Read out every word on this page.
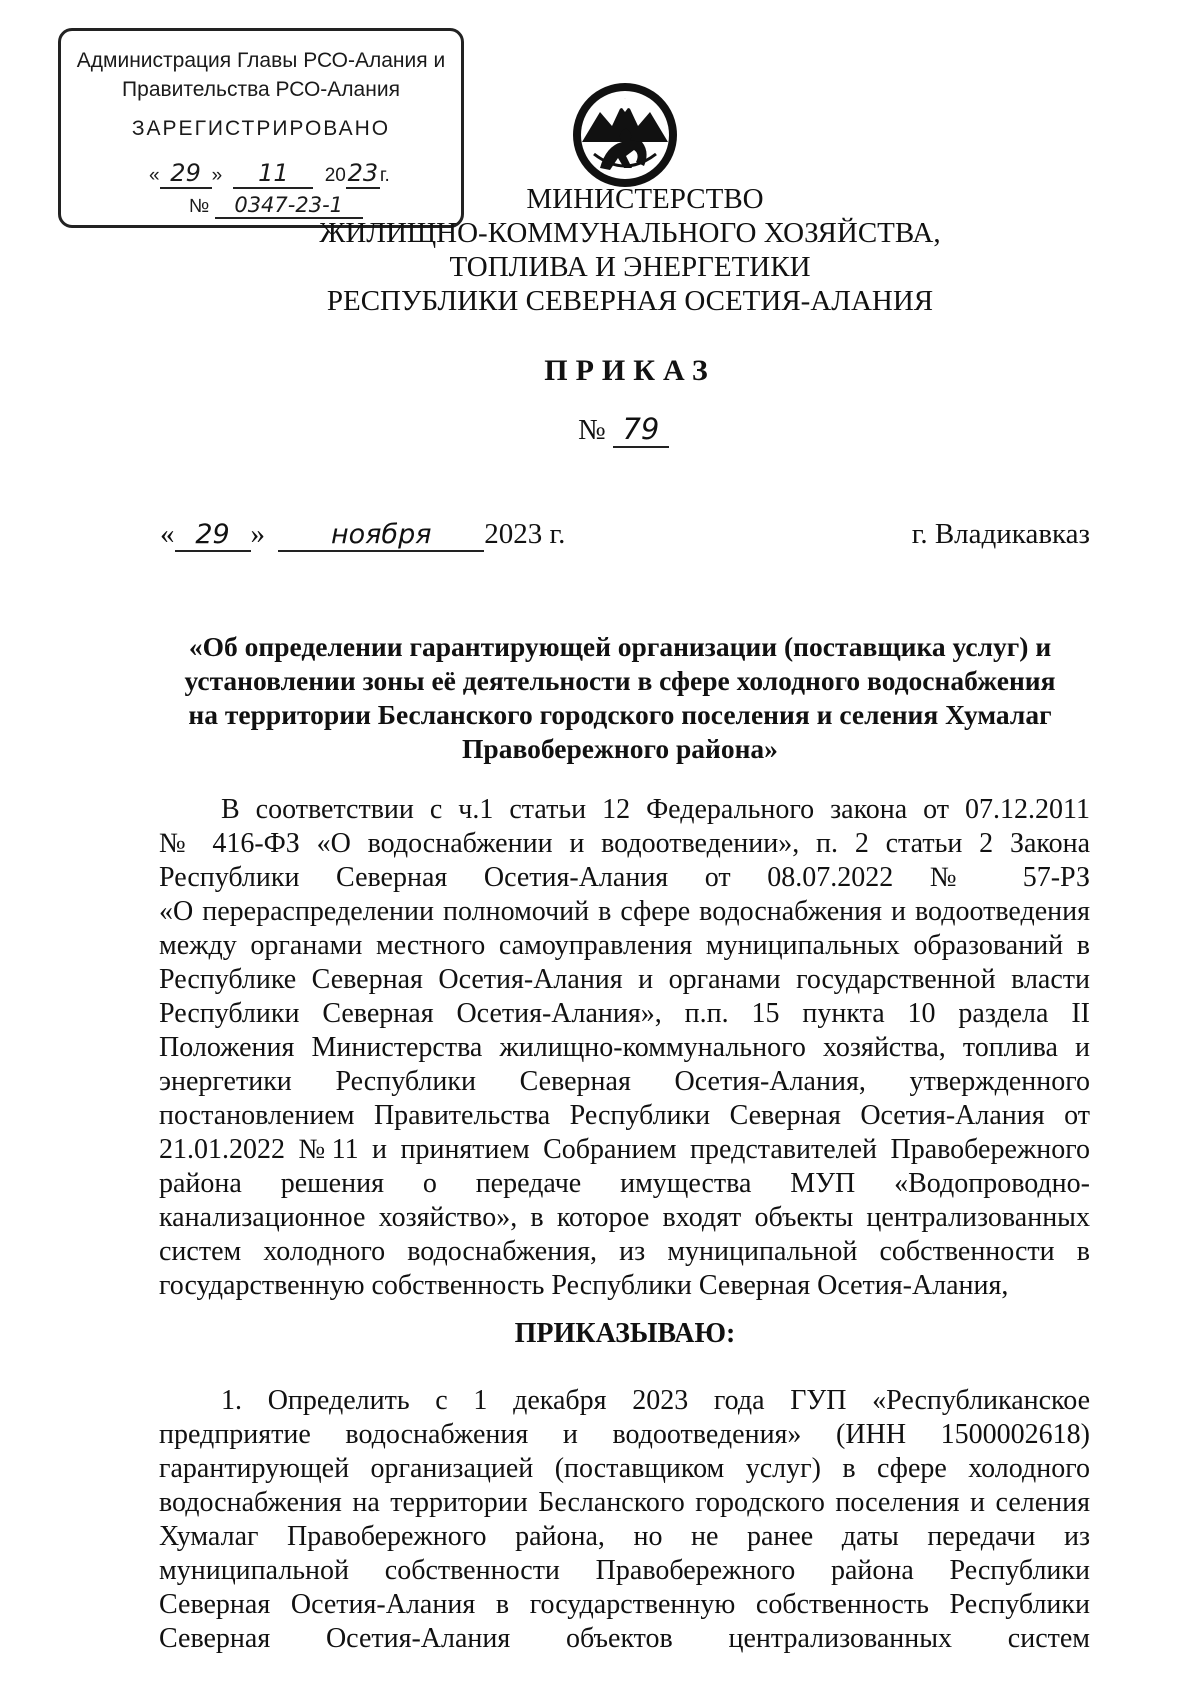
Администрация Главы РСО-Алания и
Правительства РСО-Алания
ЗАРЕГИСТРИРОВАНО
« 29 » 11 2023г.
№ 0347-23-1	МИНИСТЕРСТВО
ЖИЛИЩНО-КОММУНАЛЬНОГО ХОЗЯЙСТВА,
ТОПЛИВА И ЭНЕРГЕТИКИ
РЕСПУБЛИКИ СЕВЕРНАЯ ОСЕТИЯ-АЛАНИЯ
ПРИКАЗ
№ 79
« 29 » ноября 2023 г.	г. Владикавказ
«Об определении гарантирующей организации (поставщика услуг) и
установлении зоны её деятельности в сфере холодного водоснабжения
на территории Бесланского городского поселения и селения Хумалаг
Правобережного района»
В соответствии с ч.1 статьи 12 Федерального закона от 07.12.2011
№ 416-ФЗ «О водоснабжении и водоотведении», п. 2 статьи 2 Закона
Республики Северная Осетия-Алания от 08.07.2022 № 57-РЗ
«О перераспределении полномочий в сфере водоснабжения и водоотведения
между органами местного самоуправления муниципальных образований в
Республике Северная Осетия-Алания и органами государственной власти
Республики Северная Осетия-Алания», п.п. 15 пункта 10 раздела II
Положения Министерства жилищно-коммунального хозяйства, топлива и
энергетики Республики Северная Осетия-Алания, утвержденного
постановлением Правительства Республики Северная Осетия-Алания от
21.01.2022 №11 и принятием Собранием представителей Правобережного
района решения о передаче имущества МУП «Водопроводно-
канализационное хозяйство», в которое входят объекты централизованных
систем холодного водоснабжения, из муниципальной собственности в
государственную собственность Республики Северная Осетия-Алания,
ПРИКАЗЫВАЮ:
1. Определить с 1 декабря 2023 года ГУП «Республиканское
предприятие водоснабжения и водоотведения» (ИНН 1500002618)
гарантирующей организацией (поставщиком услуг) в сфере холодного
водоснабжения на территории Бесланского городского поселения и селения
Хумалаг Правобережного района, но не ранее даты передачи из
муниципальной собственности Правобережного района Республики
Северная Осетия-Алания в государственную собственность Республики
Северная Осетия-Алания объектов централизованных систем
